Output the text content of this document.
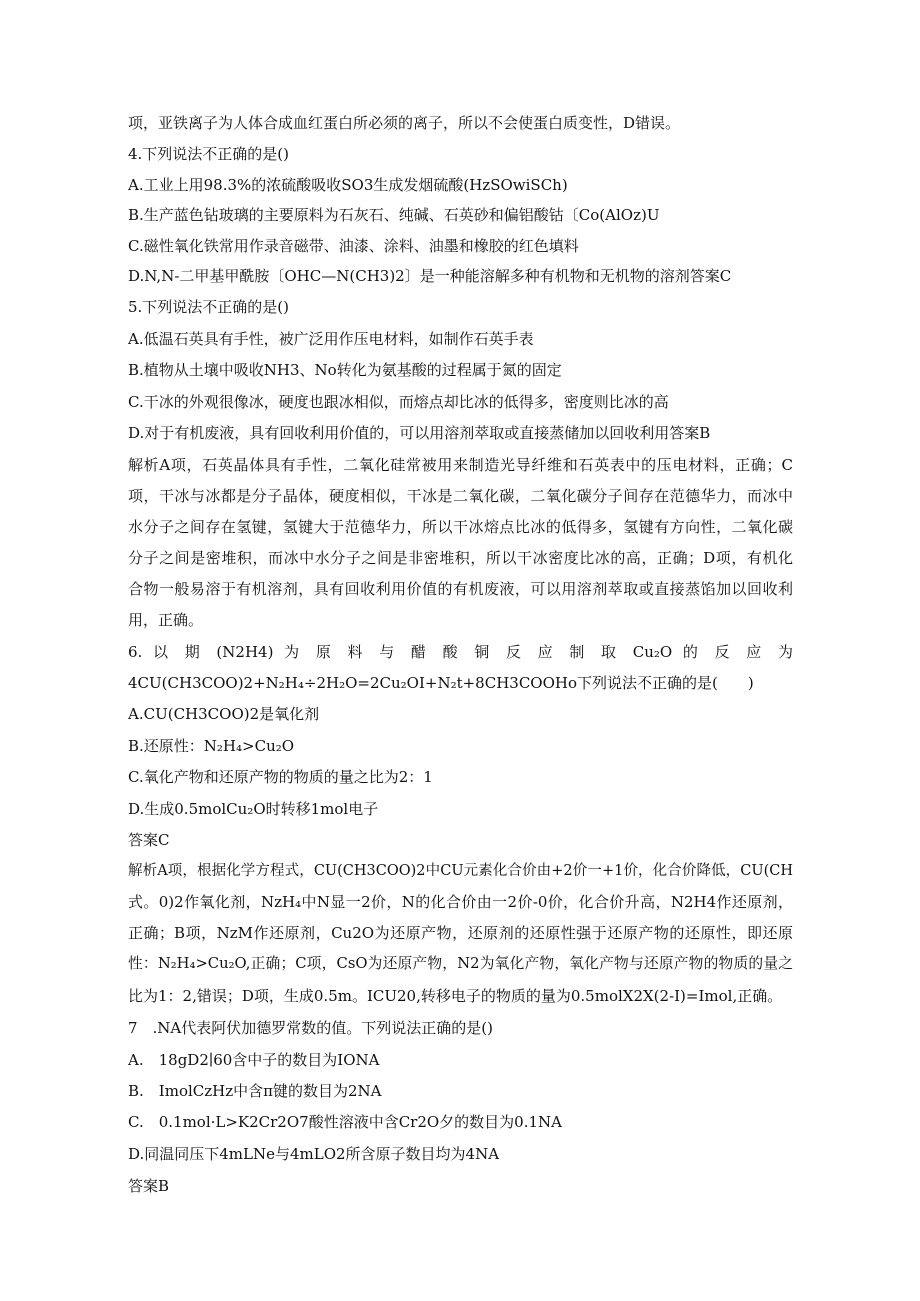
项，亚铁离子为人体合成血红蛋白所必须的离子，所以不会使蛋白质变性，D错误。
4.下列说法不正确的是()
A.工业上用98.3%的浓硫酸吸收SO3生成发烟硫酸(HzSOwiSCh)
B.生产蓝色钻玻璃的主要原料为石灰石、纯碱、石英砂和偏铝酸钴〔Co(AlOz)U
C.磁性氧化铁常用作录音磁带、油漆、涂料、油墨和橡胶的红色填料
D.N,N-二甲基甲酰胺〔OHC—N(CH3)2〕是一种能溶解多种有机物和无机物的溶剂答案C
5.下列说法不正确的是()
A.低温石英具有手性，被广泛用作压电材料，如制作石英手表
B.植物从土壤中吸收NH3、No转化为氨基酸的过程属于氮的固定
C.干冰的外观很像冰，硬度也跟冰相似，而熔点却比冰的低得多，密度则比冰的高
D.对于有机废液，具有回收利用价值的，可以用溶剂萃取或直接蒸储加以回收利用答案B
解析A项，石英晶体具有手性，二氧化硅常被用来制造光导纤维和石英表中的压电材料，正确；C
项，干冰与冰都是分子晶体，硬度相似，干冰是二氧化碳，二氧化碳分子间存在范德华力，而冰中
水分子之间存在氢键，氢键大于范德华力，所以干冰熔点比冰的低得多，氢键有方向性，二氧化碳
分子之间是密堆积，而冰中水分子之间是非密堆积，所以干冰密度比冰的高，正确；D项，有机化
合物一般易溶于有机溶剂，具有回收利用价值的有机废液，可以用溶剂萃取或直接蒸馅加以回收利
用，正确。
6. 以 期 (N2H4) 为 原 料 与 醋 酸 铜 反 应 制 取 Cu₂O 的 反 应 为
4CU(CH3COO)2+N₂H₄÷2H₂O=2Cu₂OI+N₂t+8CH3COOHo下列说法不正确的是(　　)
A.CU(CH3COO)2是氧化剂
B.还原性：N₂H₄>Cu₂O
C.氧化产物和还原产物的物质的量之比为2：1
D.生成0.5molCu₂O时转移1mol电子
答案C
解析A项，根据化学方程式，CU(CH3COO)2中CU元素化合价由+2价一+1价，化合价降低，CU(CH
式。0)2作氧化剂，NzH₄中N显一2价，N的化合价由一2价-0价，化合价升高，N2H4作还原剂，
正确；B项，NzM作还原剂，Cu2O为还原产物，还原剂的还原性强于还原产物的还原性，即还原
性：N₂H₄>Cu₂O,正确；C项，CsO为还原产物，N2为氧化产物，氧化产物与还原产物的物质的量之
比为1：2,错误；D项，生成0.5m。ICU20,转移电子的物质的量为0.5molX2X(2-I)=Imol,正确。
7　.NA代表阿伏加德罗常数的值。下列说法正确的是()
A.　18gD2∣60含中子的数目为IONA
B.　ImolCzHz中含π键的数目为2NA
C.　0.1mol·L>K2Cr2O7酸性溶液中含Cr2O夕的数目为0.1NA
D.同温同压下4mLNe与4mLO2所含原子数目均为4NA
答案B
